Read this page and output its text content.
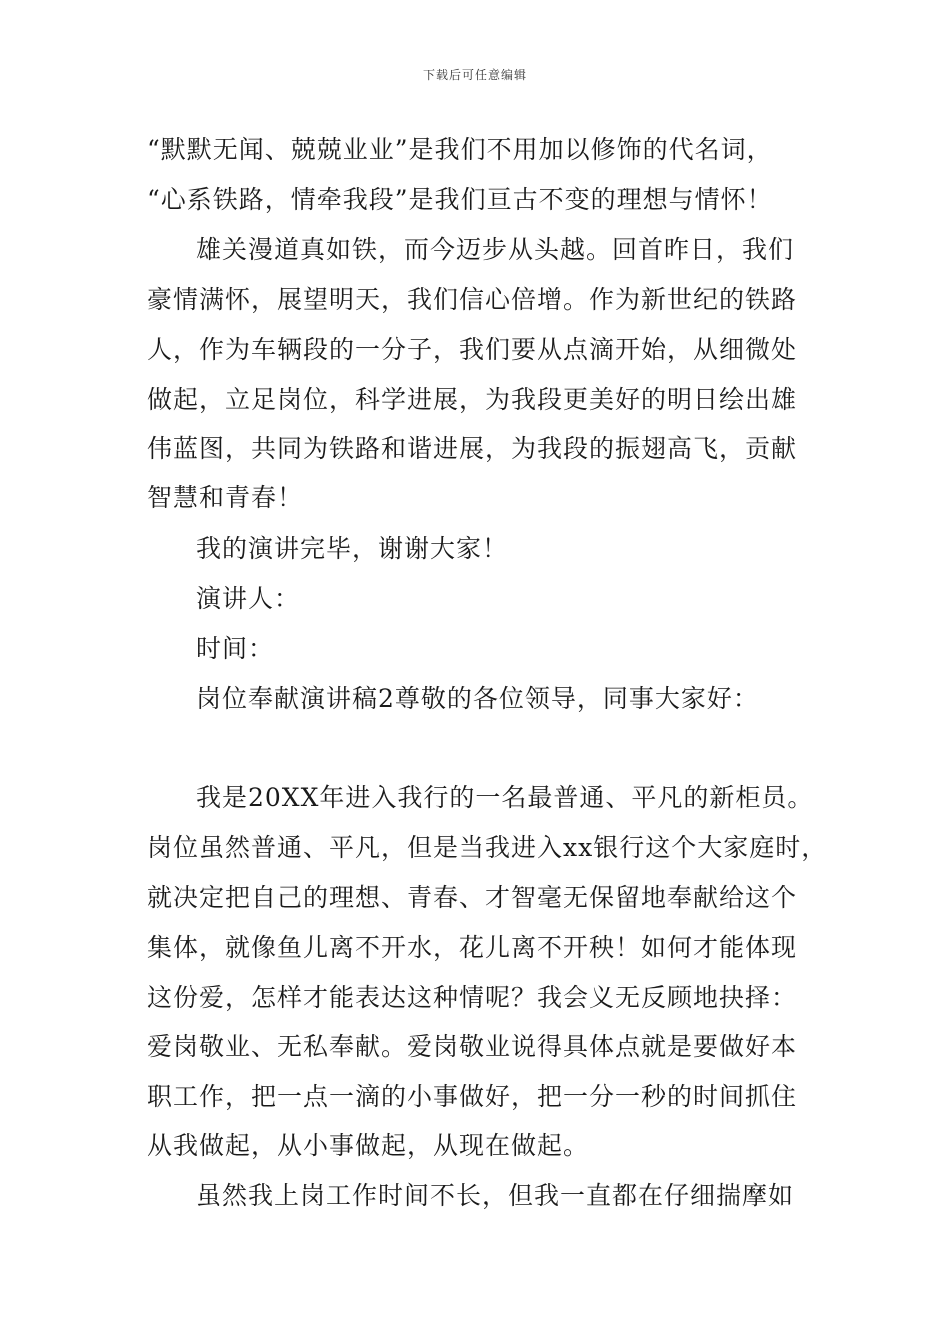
下载后可任意编辑
“默默无闻、兢兢业业”是我们不用加以修饰的代名词，
“心系铁路，情牵我段”是我们亘古不变的理想与情怀！
雄关漫道真如铁，而今迈步从头越。回首昨日，我们
豪情满怀，展望明天，我们信心倍增。作为新世纪的铁路
人，作为车辆段的一分子，我们要从点滴开始，从细微处
做起，立足岗位，科学进展，为我段更美好的明日绘出雄
伟蓝图，共同为铁路和谐进展，为我段的振翅高飞，贡献
智慧和青春！
我的演讲完毕，谢谢大家！
演讲人：
时间：
岗位奉献演讲稿2尊敬的各位领导，同事大家好：
我是20XX年进入我行的一名最普通、平凡的新柜员。
岗位虽然普通、平凡，但是当我进入xx银行这个大家庭时，
就决定把自己的理想、青春、才智毫无保留地奉献给这个
集体，就像鱼儿离不开水，花儿离不开秧！如何才能体现
这份爱，怎样才能表达这种情呢？我会义无反顾地抉择：
爱岗敬业、无私奉献。爱岗敬业说得具体点就是要做好本
职工作，把一点一滴的小事做好，把一分一秒的时间抓住
从我做起，从小事做起，从现在做起。
虽然我上岗工作时间不长，但我一直都在仔细揣摩如
